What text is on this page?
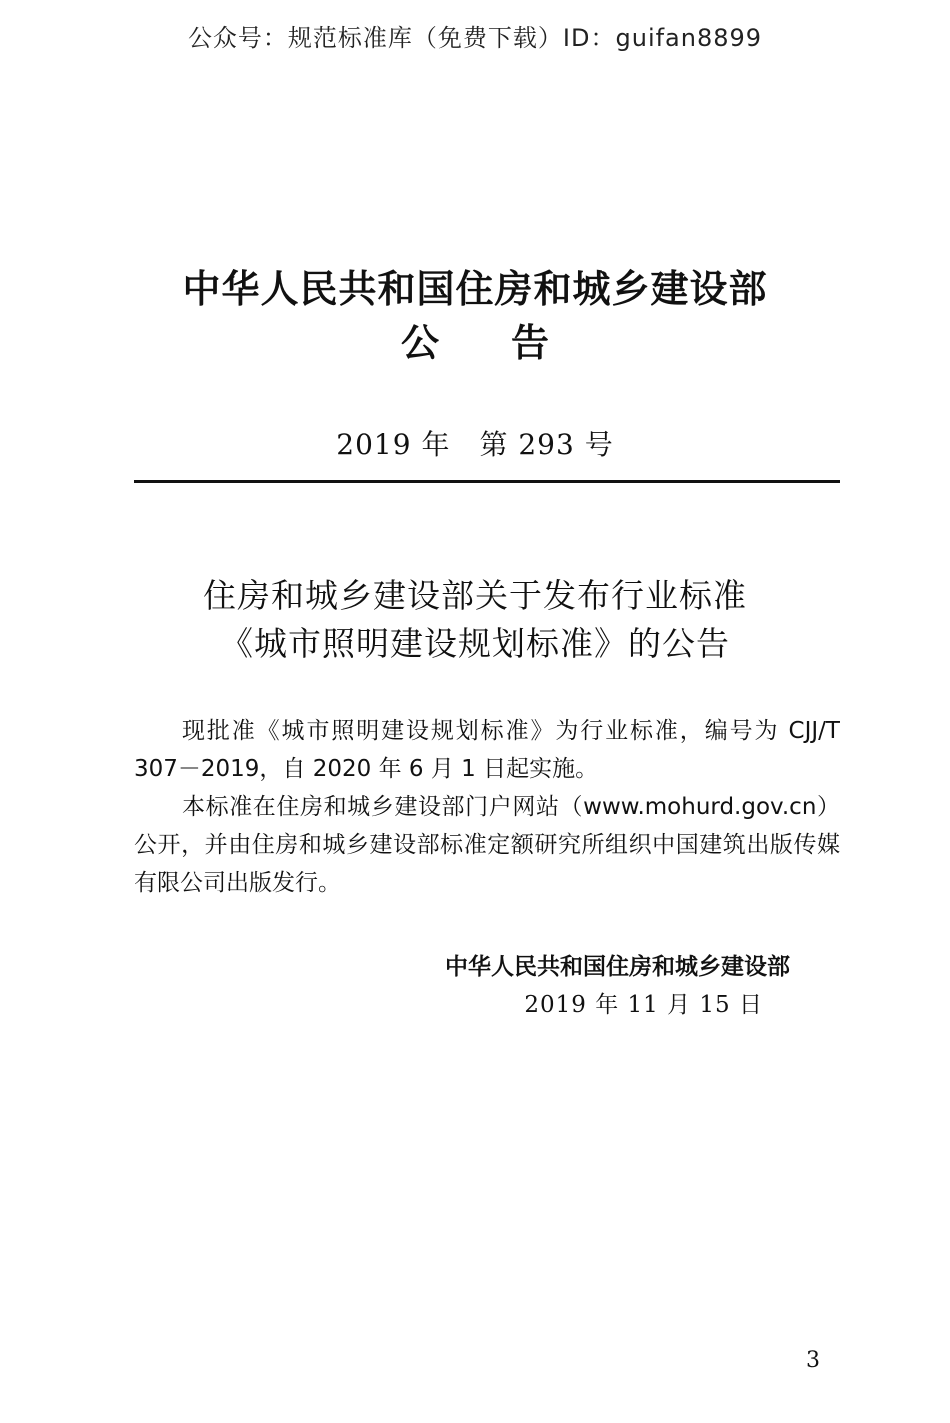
公众号：规范标准库（免费下载）ID：guifan8899
中华人民共和国住房和城乡建设部
公告
2019 年　第 293 号
住房和城乡建设部关于发布行业标准
《城市照明建设规划标准》的公告

现批准《城市照明建设规划标准》为行业标准，编号为 CJJ/T 307－2019，自 2020 年 6 月 1 日起实施。

本标准在住房和城乡建设部门户网站（www.mohurd.gov.cn）公开，并由住房和城乡建设部标准定额研究所组织中国建筑出版传媒有限公司出版发行。

中华人民共和国住房和城乡建设部
2019 年 11 月 15 日
3
